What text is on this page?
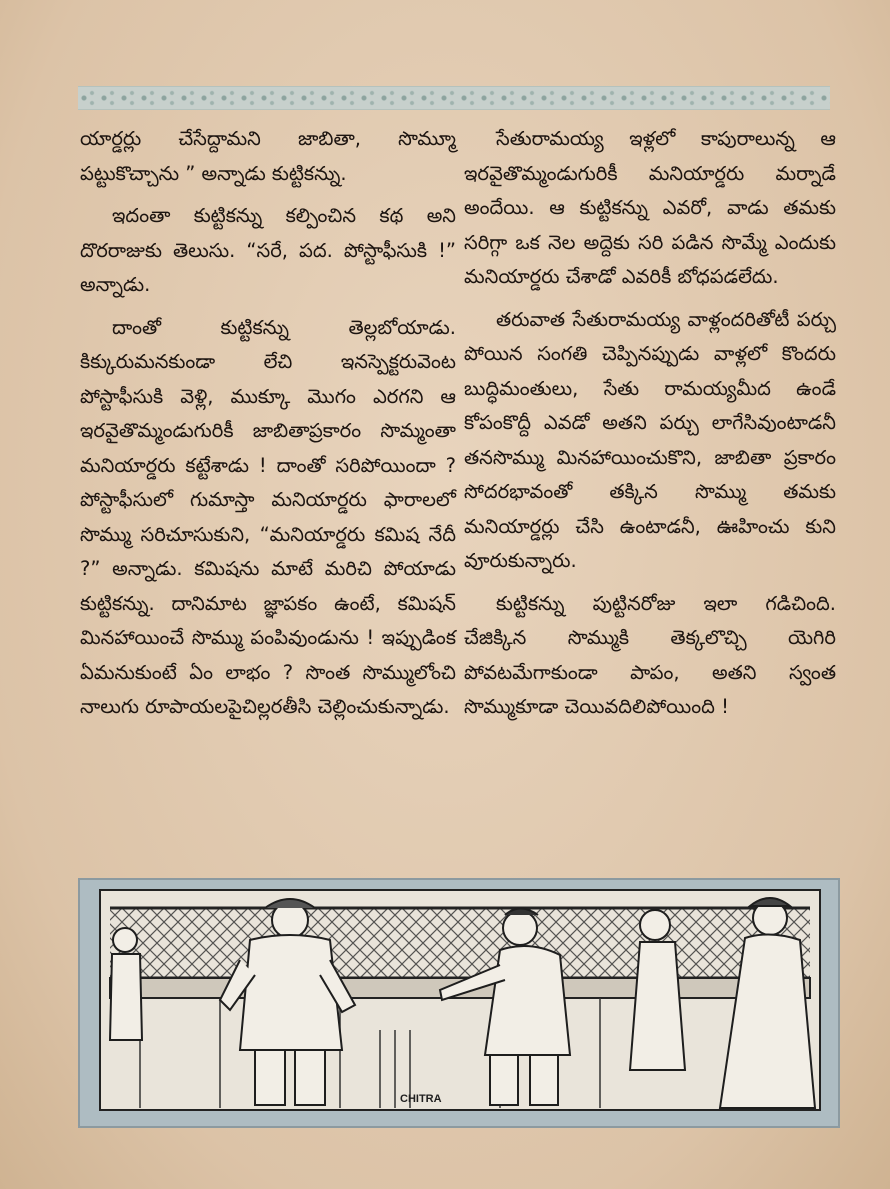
యార్డర్లు చేసేద్దామని జాబితా, సొమ్మూ పట్టుకొచ్చాను ” అన్నాడు కుట్టికన్ను.

ఇదంతా కుట్టికన్ను కల్పించిన కథ అని దొరరాజుకు తెలుసు. “సరే, పద. పోస్టాఫీసుకి !” అన్నాడు.

దాంతో కుట్టికన్ను తెల్లబోయాడు. కిక్కురుమనకుండా లేచి ఇనస్పెక్టరువెంట పోస్టాఫీసుకి వెళ్లి, ముక్కూ మొగం ఎరగని ఆ ఇరవైతొమ్మండుగురికీ జాబితాప్రకారం సొమ్మంతా మనియార్డరు కట్టేశాడు ! దాంతో సరిపోయిందా ? పోస్టాఫీసులో గుమాస్తా మనియార్డరు ఫారాలలో సొమ్ము సరిచూసుకుని, “మనియార్డరు కమిష నేదీ ?” అన్నాడు. కమిషను మాటే మరిచి పోయాడు కుట్టికన్ను. దానిమాట జ్ఞాపకం ఉంటే, కమిషన్ మినహాయించే సొమ్ము పంపివుండును ! ఇప్పుడింక ఏమనుకుంటే ఏం లాభం ? సొంత సొమ్ములోంచి నాలుగు రూపాయలపైచిల్లరతీసి చెల్లించుకున్నాడు.

సేతురామయ్య ఇళ్లలో కాపురాలున్న ఆ ఇరవైతొమ్మండుగురికీ మనియార్డరు మర్నాడే అందేయి. ఆ కుట్టికన్ను ఎవరో, వాడు తమకు సరిగ్గా ఒక నెల అద్దెకు సరి పడిన సొమ్మే ఎందుకు మనియార్డరు చేశాడో ఎవరికీ బోధపడలేదు.

తరువాత సేతురామయ్య వాళ్లందరితోటీ పర్చు పోయిన సంగతి చెప్పినప్పుడు వాళ్లలో కొందరు బుద్ధిమంతులు, సేతు రామయ్యమీద ఉండే కోపంకొద్దీ ఎవడో అతని పర్చు లాగేసివుంటాడనీ తనసొమ్ము మినహాయించుకొని, జాబితా ప్రకారం సోదరభావంతో తక్కిన సొమ్ము తమకు మనియార్డర్లు చేసి ఉంటాడనీ, ఊహించు కుని వూరుకున్నారు.

కుట్టికన్ను పుట్టినరోజు ఇలా గడిచింది. చేజిక్కిన సొమ్ముకి తెక్కలొచ్చి యెగిరి పోవటమేగాకుండా పాపం, అతని స్వంత సొమ్ముకూడా చెయివదిలిపోయింది !

CHITRA
